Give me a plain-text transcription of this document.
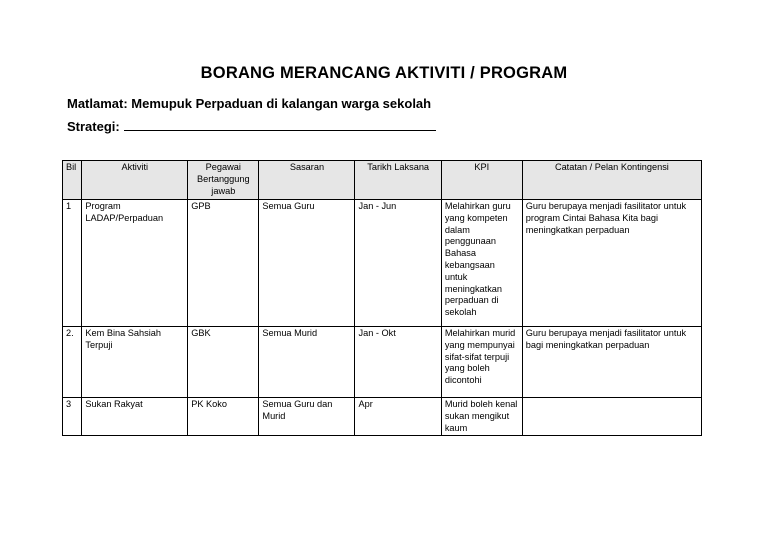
BORANG MERANCANG AKTIVITI / PROGRAM
Matlamat: Memupuk Perpaduan di kalangan warga sekolah
Strategi:
Bil	Aktiviti	Pegawai Bertanggung jawab	Sasaran	Tarikh Laksana	KPI	Catatan / Pelan Kontingensi
1	Program LADAP/Perpaduan	GPB	Semua Guru	Jan - Jun	Melahirkan guru yang kompeten dalam penggunaan Bahasa kebangsaan untuk meningkatkan perpaduan di sekolah	Guru berupaya menjadi fasilitator untuk program Cintai Bahasa Kita bagi meningkatkan perpaduan
2.	Kem Bina Sahsiah Terpuji	GBK	Semua Murid	Jan - Okt	Melahirkan murid yang mempunyai sifat-sifat terpuji yang boleh dicontohi	Guru berupaya menjadi fasilitator untuk bagi meningkatkan perpaduan
3	Sukan Rakyat	PK Koko	Semua Guru dan Murid	Apr	Murid boleh kenal sukan mengikut kaum	
